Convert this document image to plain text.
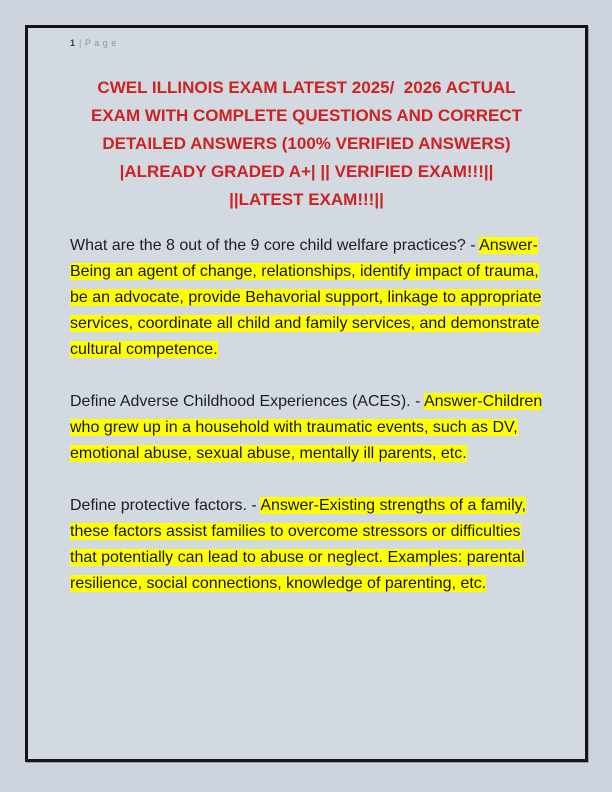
1 | P a g e
CWEL ILLINOIS EXAM LATEST 2025/  2026 ACTUAL
EXAM WITH COMPLETE QUESTIONS AND CORRECT
DETAILED ANSWERS (100% VERIFIED ANSWERS)
|ALREADY GRADED A+| || VERIFIED EXAM!!!||
||LATEST EXAM!!!||

What are the 8 out of the 9 core child welfare practices? - Answer-Being an agent of change, relationships, identify impact of trauma, be an advocate, provide Behavorial support, linkage to appropriate services, coordinate all child and family services, and demonstrate cultural competence.

Define Adverse Childhood Experiences (ACES). - Answer-Children who grew up in a household with traumatic events, such as DV, emotional abuse, sexual abuse, mentally ill parents, etc.

Define protective factors. - Answer-Existing strengths of a family, these factors assist families to overcome stressors or difficulties that potentially can lead to abuse or neglect. Examples: parental resilience, social connections, knowledge of parenting, etc.
